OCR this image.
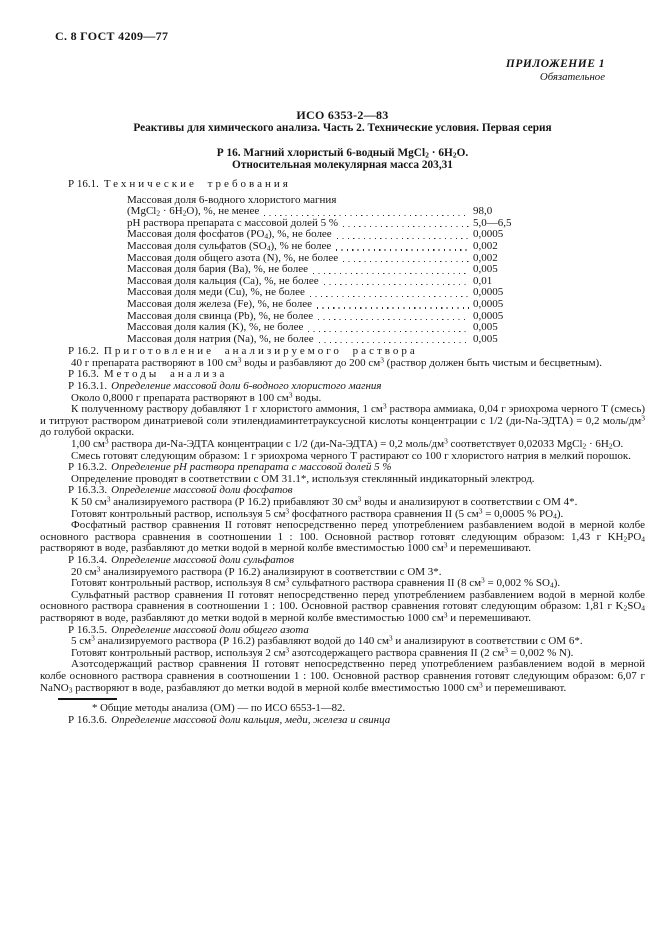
С. 8 ГОСТ 4209—77
ПРИЛОЖЕНИЕ 1
Обязательное
ИСО 6353-2—83
Реактивы для химического анализа. Часть 2. Технические условия. Первая серия
Р 16. Магний хлористый 6-водный MgCl$_2$ · $6H_2O$.
Относительная молекулярная масса 203,31
Р 16.1. Технические требования
Массовая доля 6-водного хлористого магния
(MgCl$_2$ · $6H_2O$), %, не менее	98,0
pH раствора препарата с массовой долей 5 %	5,0—6,5
Массовая доля фосфатов $(PO_4)$, %, не более	0,0005
Массовая доля сульфатов $(SO_4)$, % не более	0,002
Массовая доля общего азота (N), %, не более	0,002
Массовая доля бария (Ba), %, не более	0,005
Массовая доля кальция (Ca), %, не более	0,01
Массовая доля меди (Cu), %, не более	0,0005
Массовая доля железа (Fe), %, не более	0,0005
Массовая доля свинца (Pb), %, не более	0,0005
Массовая доля калия (K), %, не более	0,005
Массовая доля натрия (Na), %, не более	0,005
Р 16.2. Приготовление анализируемого раствора

40 г препарата растворяют в 100 $см^3$ воды и разбавляют до 200 $см^3$ (раствор должен быть чистым и бесцветным).

Р 16.3. Методы анализа
Р 16.3.1. Определение массовой доли 6-водного хлористого магния

Около 0,8000 г препарата растворяют в 100 $см^3$ воды.

К полученному раствору добавляют 1 г хлористого аммония, 1 $см^3$ раствора аммиака, 0,04 г эриохрома черного Т (смесь) и титруют раствором динатриевой соли этилендиаминтетрауксусной кислоты концентрации с 1/2 (ди-Na-ЭДТА) = 0,2 моль/$дм^3$ до голубой окраски.

1,00 $см^3$ раствора ди-Na-ЭДТА концентрации с 1/2 (ди-Na-ЭДТА) = 0,2 моль/$дм^3$ соответствует 0,02033 MgCl$_2$ · $6H_2O$.

Смесь готовят следующим образом: 1 г эриохрома черного Т растирают со 100 г хлористого натрия в мелкий порошок.

Р 16.3.2. Определение pH раствора препарата с массовой долей 5 %

Определение проводят в соответствии с ОМ 31.1*, используя стеклянный индикаторный электрод.

Р 16.3.3. Определение массовой доли фосфатов

К 50 $см^3$ анализируемого раствора (Р 16.2) прибавляют 30 $см^3$ воды и анализируют в соответствии с ОМ 4*.

Готовят контрольный раствор, используя 5 $см^3$ фосфатного раствора сравнения II (5 $см^3 = 0,0005$ % $PO_4$).

Фосфатный раствор сравнения II готовят непосредственно перед употреблением разбавлением водой в мерной колбе основного раствора сравнения в соотношении 1 : 100. Основной раствор готовят следующим образом: 1,43 г $KH_2PO_4$ растворяют в воде, разбавляют до метки водой в мерной колбе вместимостью 1000 $см^3$ и перемешивают.

Р 16.3.4. Определение массовой доли сульфатов

20 $см^3$ анализируемого раствора (Р 16.2) анализируют в соответствии с ОМ 3*.

Готовят контрольный раствор, используя 8 $см^3$ сульфатного раствора сравнения II (8 $см^3 = 0,002$ % $SO_4$).

Сульфатный раствор сравнения II готовят непосредственно перед употреблением разбавлением водой в мерной колбе основного раствора сравнения в соотношении 1 : 100. Основной раствор сравнения готовят следующим образом: 1,81 г $K_2SO_4$ растворяют в воде, разбавляют до метки водой в мерной колбе вместимостью 1000 $см^3$ и перемешивают.

Р 16.3.5. Определение массовой доли общего азота

5 $см^3$ анализируемого раствора (Р 16.2) разбавляют водой до 140 $см^3$ и анализируют в соответствии с ОМ 6*.

Готовят контрольный раствор, используя 2 $см^3$ азотсодержащего раствора сравнения II (2 $см^3 = 0,002$ % N).

Азотсодержащий раствор сравнения II готовят непосредственно перед употреблением разбавлением водой в мерной колбе основного раствора сравнения в соотношении 1 : 100. Основной раствор сравнения готовят следующим образом: 6,07 г NaNO$_3$ растворяют в воде, разбавляют до метки водой в мерной колбе вместимостью 1000 $см^3$ и перемешивают.

* Общие методы анализа (ОМ) — по ИСО 6553-1—82.
Р 16.3.6. Определение массовой доли кальция, меди, железа и свинца
